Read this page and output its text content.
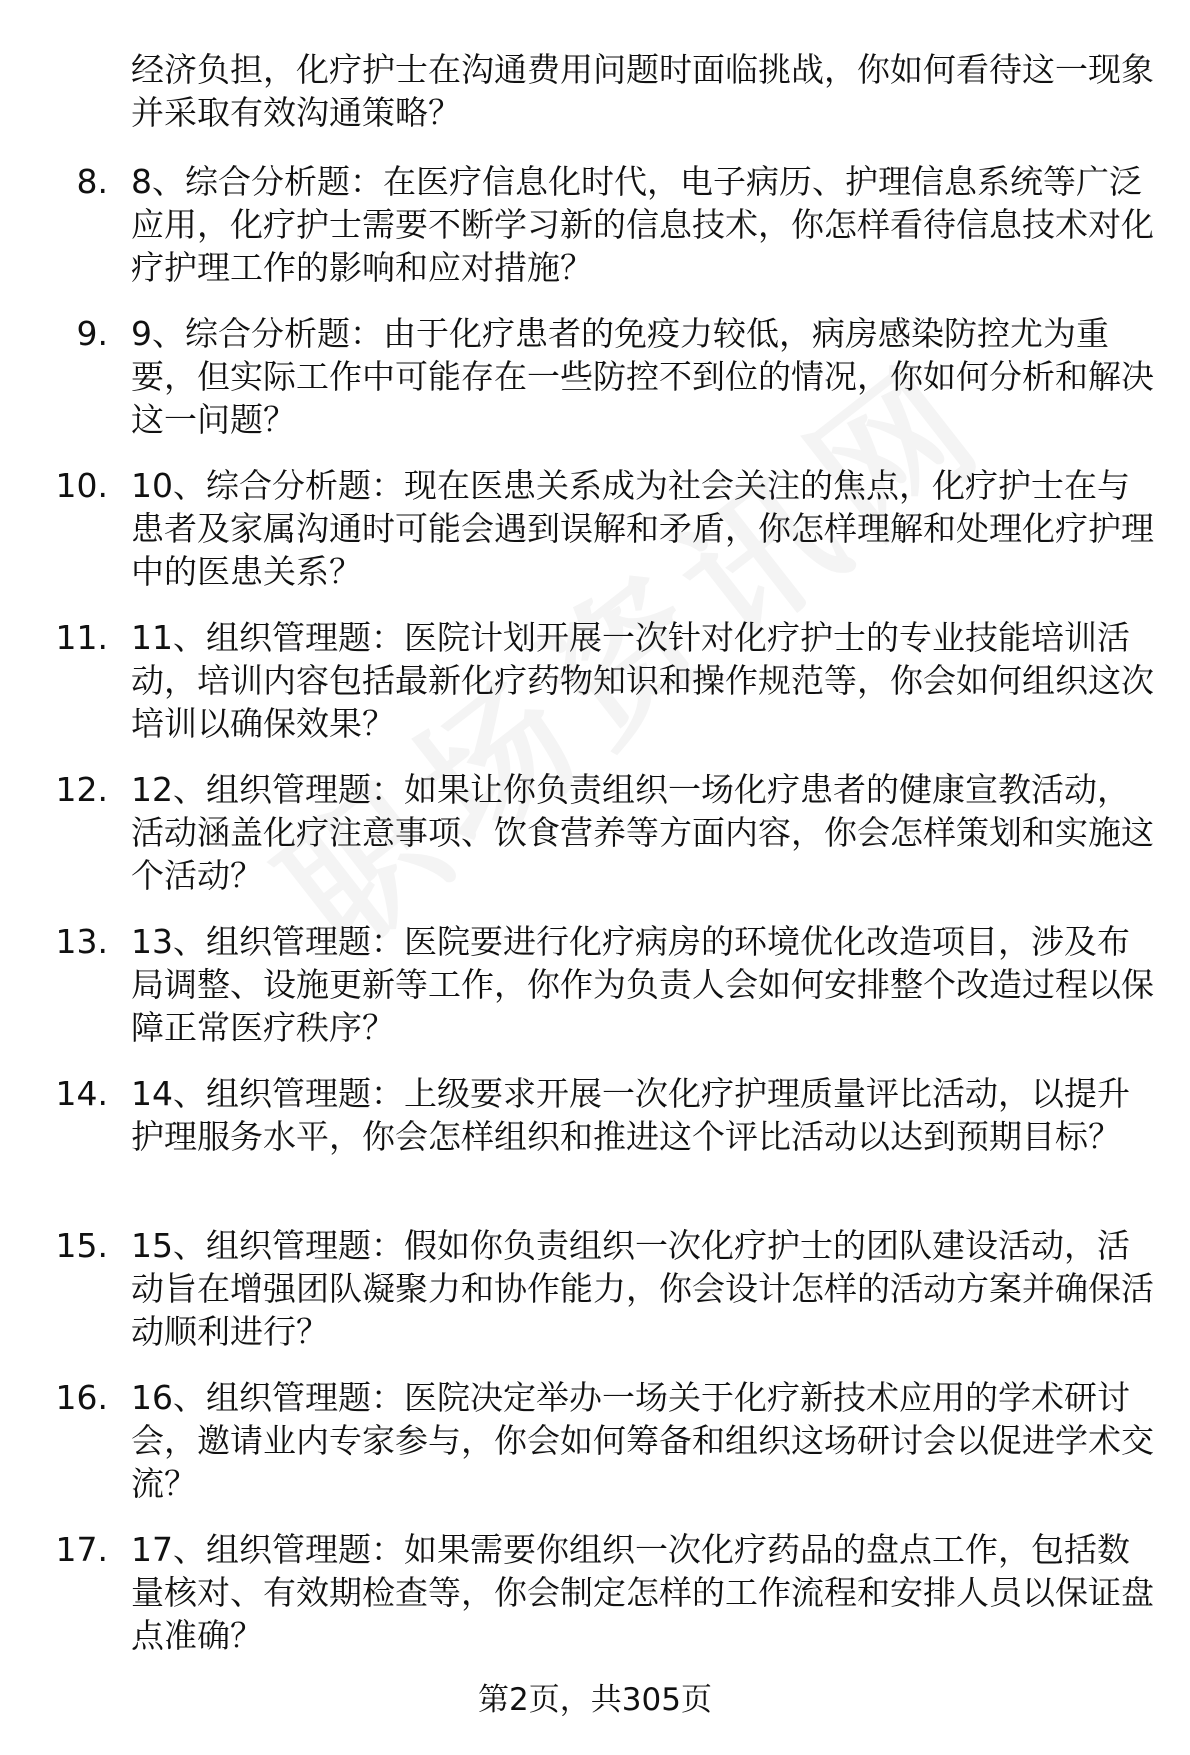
经济负担，化疗护士在沟通费用问题时面临挑战，你如何看待这一现象并采取有效沟通策略？
8. 8、综合分析题：在医疗信息化时代，电子病历、护理信息系统等广泛应用，化疗护士需要不断学习新的信息技术，你怎样看待信息技术对化疗护理工作的影响和应对措施？
9. 9、综合分析题：由于化疗患者的免疫力较低，病房感染防控尤为重要，但实际工作中可能存在一些防控不到位的情况，你如何分析和解决这一问题？
10. 10、综合分析题：现在医患关系成为社会关注的焦点，化疗护士在与患者及家属沟通时可能会遇到误解和矛盾，你怎样理解和处理化疗护理中的医患关系？
11. 11、组织管理题：医院计划开展一次针对化疗护士的专业技能培训活动，培训内容包括最新化疗药物知识和操作规范等，你会如何组织这次培训以确保效果？
12. 12、组织管理题：如果让你负责组织一场化疗患者的健康宣教活动，活动涵盖化疗注意事项、饮食营养等方面内容，你会怎样策划和实施这个活动？
13. 13、组织管理题：医院要进行化疗病房的环境优化改造项目，涉及布局调整、设施更新等工作，你作为负责人会如何安排整个改造过程以保障正常医疗秩序？
14. 14、组织管理题：上级要求开展一次化疗护理质量评比活动，以提升护理服务水平，你会怎样组织和推进这个评比活动以达到预期目标？
15. 15、组织管理题：假如你负责组织一次化疗护士的团队建设活动，活动旨在增强团队凝聚力和协作能力，你会设计怎样的活动方案并确保活动顺利进行？
16. 16、组织管理题：医院决定举办一场关于化疗新技术应用的学术研讨会，邀请业内专家参与，你会如何筹备和组织这场研讨会以促进学术交流？
17. 17、组织管理题：如果需要你组织一次化疗药品的盘点工作，包括数量核对、有效期检查等，你会制定怎样的工作流程和安排人员以保证盘点准确？
第2页，共305页
